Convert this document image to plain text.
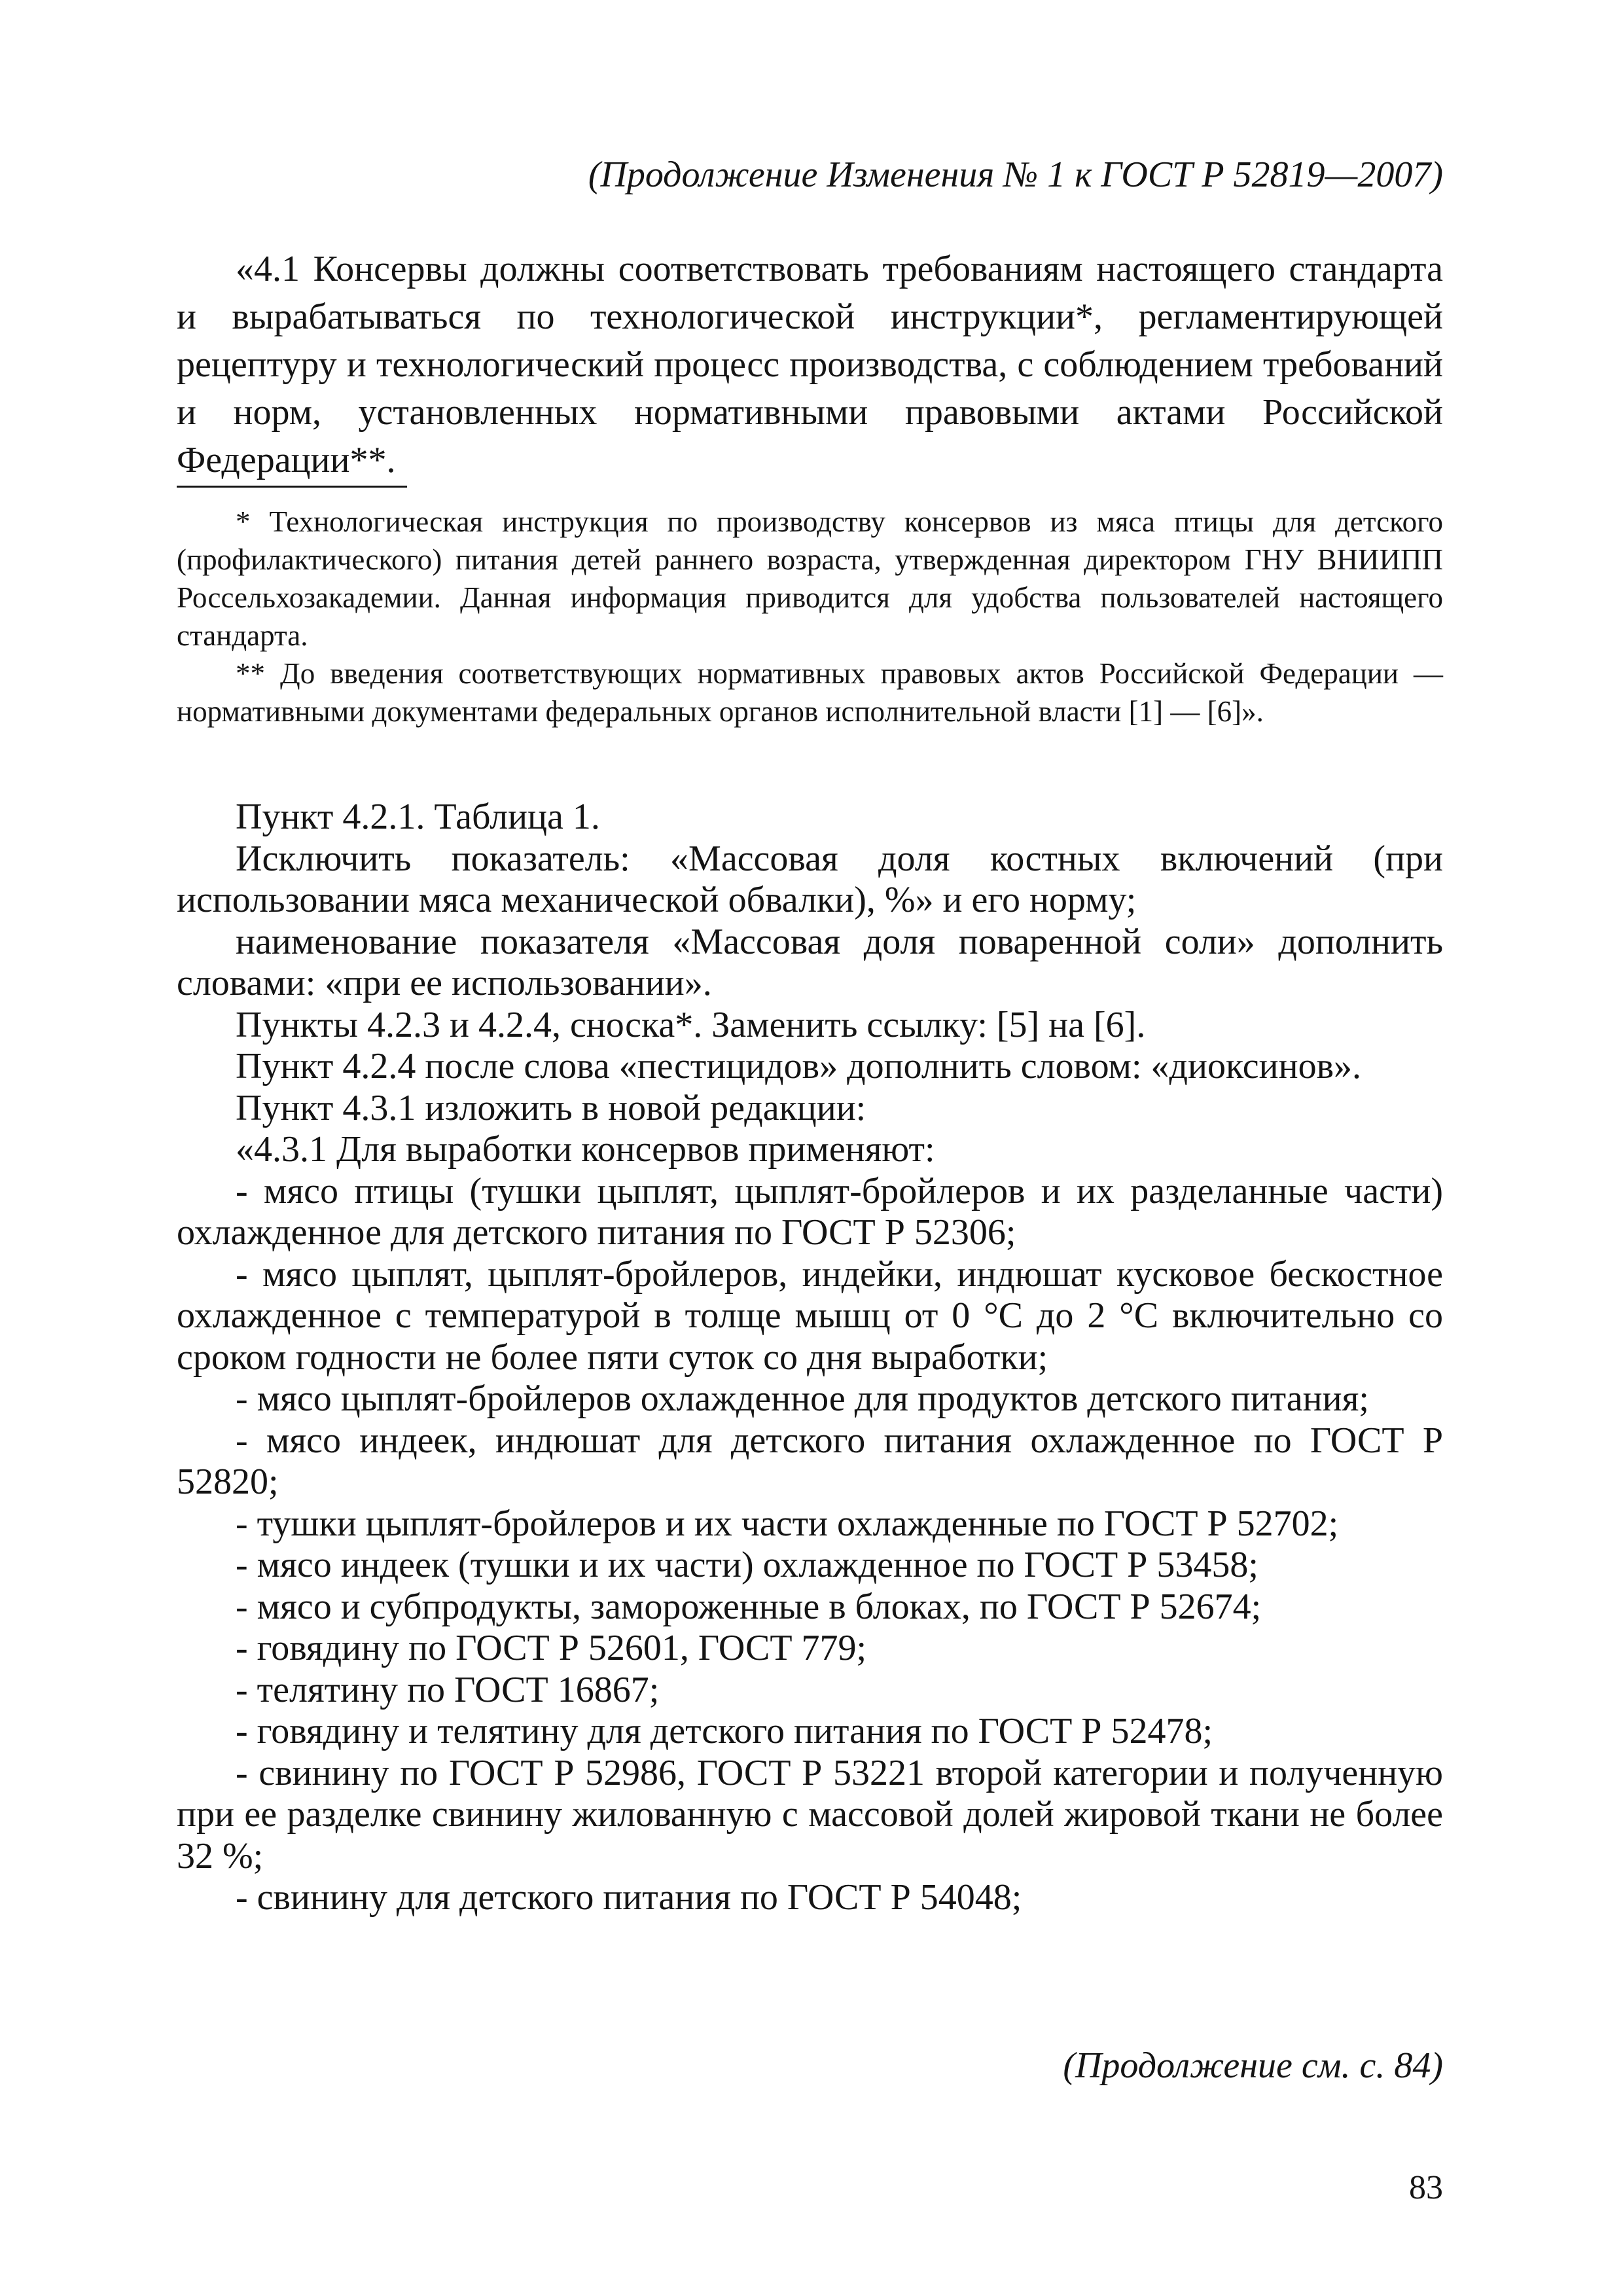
(Продолжение Изменения № 1 к ГОСТ Р 52819—2007)

«4.1 Консервы должны соответствовать требованиям настоящего стандарта и вырабатываться по технологической инструкции*, регламентирующей рецептуру и технологический процесс производства, с соблюдением требований и норм, установленных нормативными правовыми актами Российской Федерации**.

* Технологическая инструкция по производству консервов из мяса птицы для детского (профилактического) питания детей раннего возраста, утвержденная директором ГНУ ВНИИПП Россельхозакадемии. Данная информация приводится для удобства пользователей настоящего стандарта.

** До введения соответствующих нормативных правовых актов Российской Федерации — нормативными документами федеральных органов исполнительной власти [1] — [6]».

Пункт 4.2.1. Таблица 1.

Исключить показатель: «Массовая доля костных включений (при использовании мяса механической обвалки), %» и его норму;

наименование показателя «Массовая доля поваренной соли» дополнить словами: «при ее использовании».

Пункты 4.2.3 и 4.2.4, сноска*. Заменить ссылку: [5] на [6].

Пункт 4.2.4 после слова «пестицидов» дополнить словом: «диоксинов».

Пункт 4.3.1 изложить в новой редакции:

«4.3.1 Для выработки консервов применяют:

- мясо птицы (тушки цыплят, цыплят-бройлеров и их разделанные части) охлажденное для детского питания по ГОСТ Р 52306;

- мясо цыплят, цыплят-бройлеров, индейки, индюшат кусковое бескостное охлажденное с температурой в толще мышц от 0 °С до 2 °С включительно со сроком годности не более пяти суток со дня выработки;

- мясо цыплят-бройлеров охлажденное для продуктов детского питания;

- мясо индеек, индюшат для детского питания охлажденное по ГОСТ Р 52820;

- тушки цыплят-бройлеров и их части охлажденные по ГОСТ Р 52702;

- мясо индеек (тушки и их части) охлажденное по ГОСТ Р 53458;

- мясо и субпродукты, замороженные в блоках, по ГОСТ Р 52674;

- говядину по ГОСТ Р 52601, ГОСТ 779;

- телятину по ГОСТ 16867;

- говядину и телятину для детского питания по ГОСТ Р 52478;

- свинину по ГОСТ Р 52986, ГОСТ Р 53221 второй категории и полученную при ее разделке свинину жилованную с массовой долей жировой ткани не более 32 %;

- свинину для детского питания по ГОСТ Р 54048;

(Продолжение см. с. 84)
83
